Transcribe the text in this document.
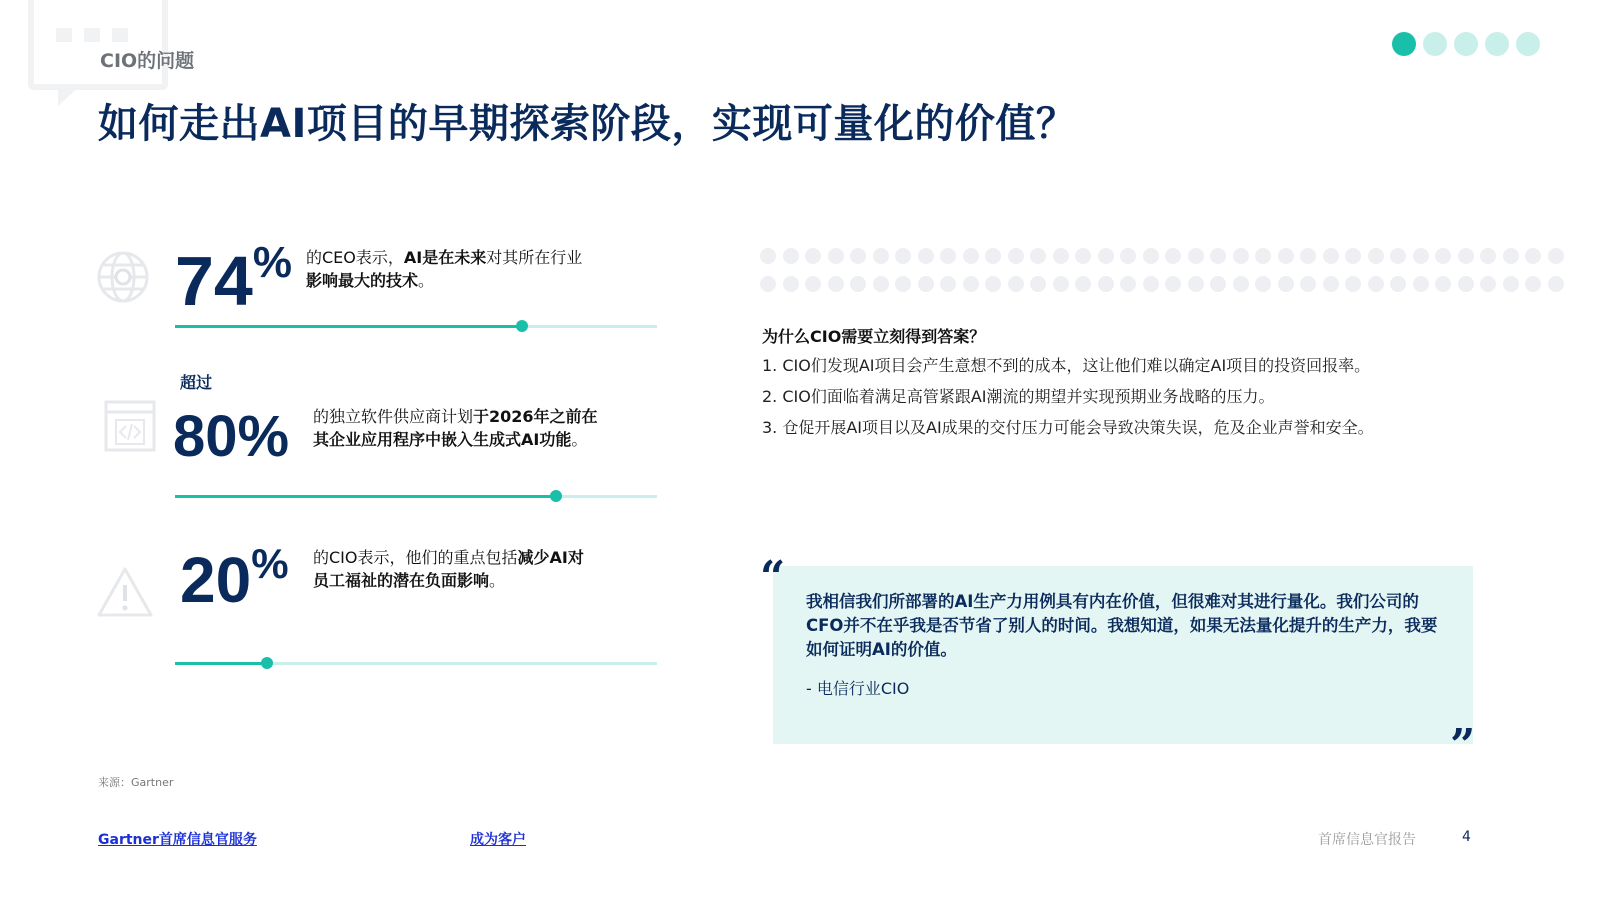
CIO的问题
如何走出AI项目的早期探索阶段，实现可量化的价值？
74% 的CEO表示，AI是在未来对其所在行业
影响最大的技术。
超过
80% 的独立软件供应商计划于2026年之前在
其企业应用程序中嵌入生成式AI功能。
20% 的CIO表示，他们的重点包括减少AI对
员工福祉的潜在负面影响。
为什么CIO需要立刻得到答案？
1. CIO们发现AI项目会产生意想不到的成本，这让他们难以确定AI项目的投资回报率。
2. CIO们面临着满足高管紧跟AI潮流的期望并实现预期业务战略的压力。
3. 仓促开展AI项目以及AI成果的交付压力可能会导致决策失误，危及企业声誉和安全。
“ 我相信我们所部署的AI生产力用例具有内在价值，但很难对其进行量化。我们公司的CFO并不在乎我是否节省了别人的时间。我想知道，如果无法量化提升的生产力，我要如何证明AI的价值。
- 电信行业CIO
”
来源：Gartner
Gartner首席信息官服务	成为客户	首席信息官报告	4
